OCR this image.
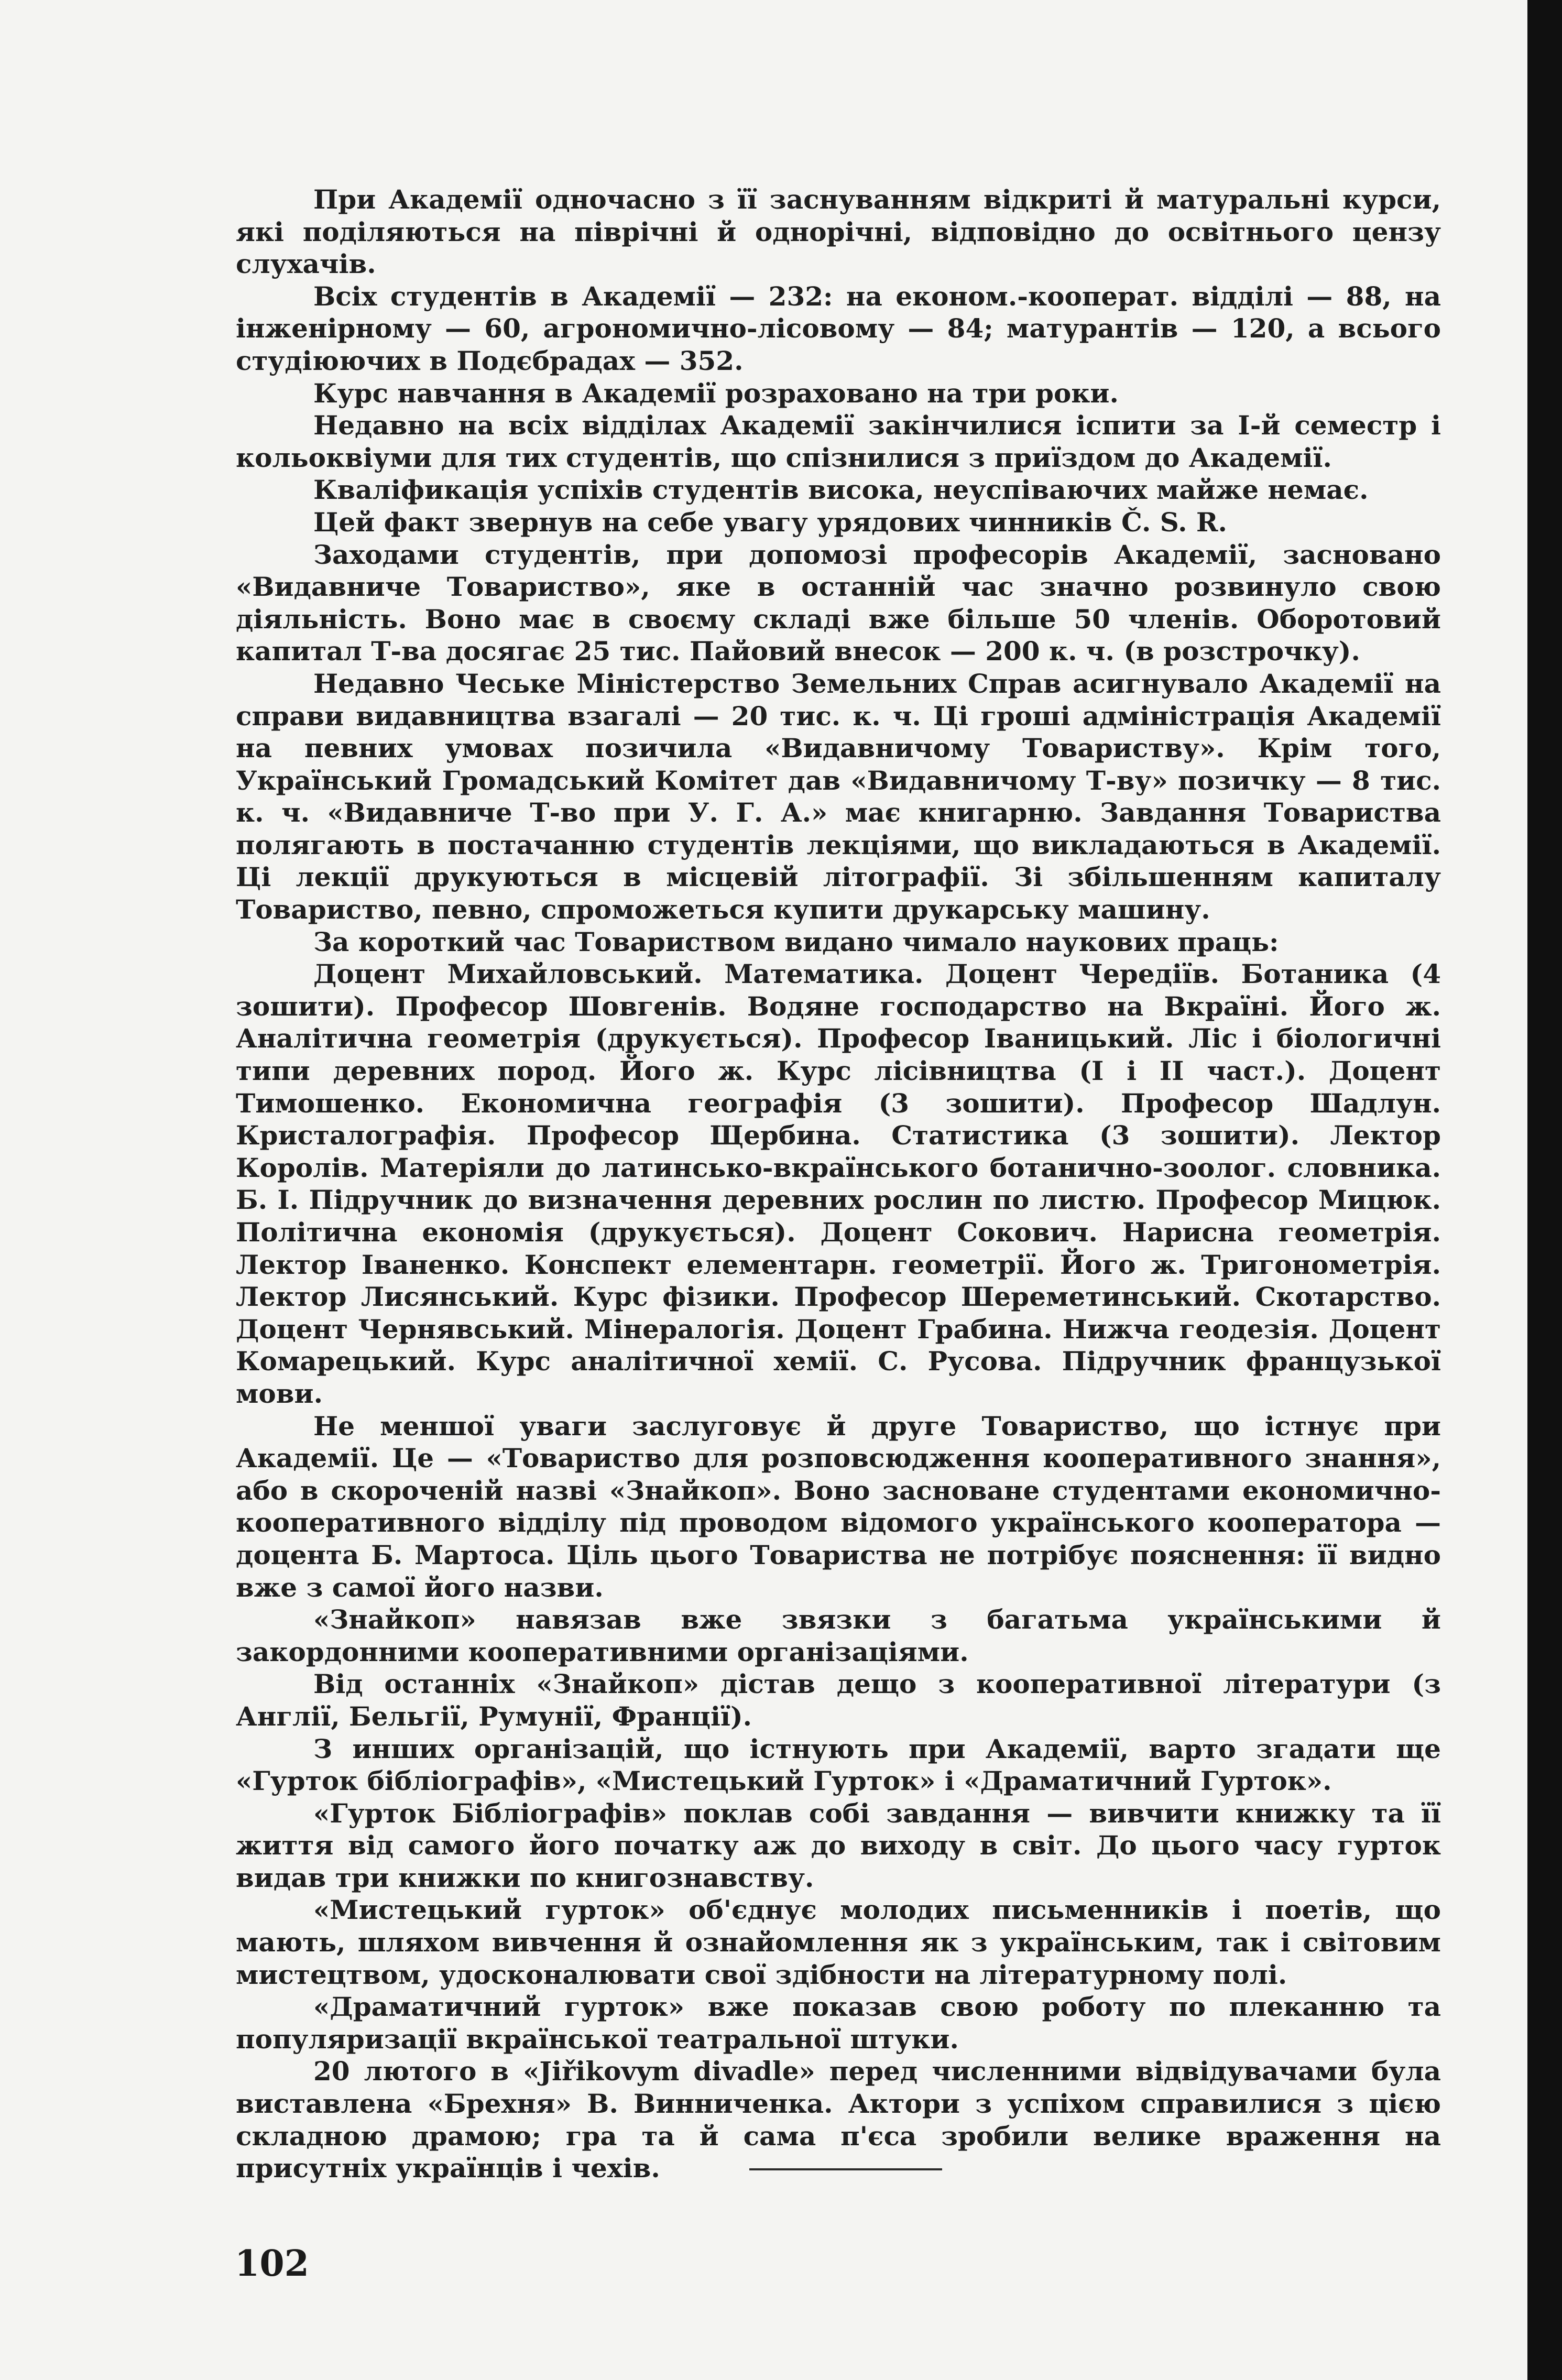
При Академії одночасно з її заснуванням відкриті й матуральні курси, які поділяються на піврічні й однорічні, відповідно до освітнього цензу слухачів.

Всіх студентів в Академії — 232: на економ.-кооперат. відділі — 88, на інженірному — 60, агрономично-лісовому — 84; матурантів — 120, а всього студіюючих в Подєбрадах — 352.

Курс навчання в Академії розраховано на три роки.

Недавно на всіх відділах Академії закінчилися іспити за I-й семестр і кольоквіуми для тих студентів, що спізнилися з приїздом до Академії.

Кваліфикація успіхів студентів висока, неуспіваючих майже немає.

Цей факт звернув на себе увагу урядових чинників Č. S. R.

Заходами студентів, при допомозі професорів Академії, засновано «Видавниче Товариство», яке в останній час значно розвинуло свою діяльність. Воно має в своєму складі вже більше 50 членів. Оборотовий капитал Т-ва досягає 25 тис. Пайовий внесок — 200 к. ч. (в розстрочку).

Недавно Чеське Міністерство Земельних Справ асигнувало Академії на справи видавництва взагалі — 20 тис. к. ч. Ці гроші адміністрація Академії на певних умовах позичила «Видавничому Товариству». Крім того, Український Громадський Комітет дав «Видавничому Т-ву» позичку — 8 тис. к. ч. «Видавниче Т-во при У. Г. А.» має книгарню. Завдання Товариства полягають в постачанню студентів лекціями, що викладаються в Академії. Ці лекції друкуються в місцевій літографії. Зі збільшенням капиталу Товариство, певно, спроможеться купити друкарську машину.

За короткий час Товариством видано чимало наукових праць:

Доцент Михайловський. Математика. Доцент Чередіїв. Ботаника (4 зошити). Професор Шовгенів. Водяне господарство на Вкраїні. Його ж. Аналітична геометрія (друкується). Професор Іваницький. Ліс і біологичні типи деревних пород. Його ж. Курс лісівництва (I і II част.). Доцент Тимошенко. Економична географія (3 зошити). Професор Шадлун. Кристалографія. Професор Щербина. Статистика (3 зошити). Лектор Королів. Матеріяли до латинсько-вкраїнського ботанично-зоолог. словника. Б. І. Підручник до визначення деревних рослин по листю. Професор Мицюк. Політична економія (друкується). Доцент Сокович. Нарисна геометрія. Лектор Іваненко. Конспект елементарн. геометрії. Його ж. Тригонометрія. Лектор Лисянський. Курс фізики. Професор Шереметинський. Скотарство. Доцент Чернявський. Мінералогія. Доцент Грабина. Нижча геодезія. Доцент Комарецький. Курс аналітичної хемії. С. Русова. Підручник французької мови.

Не меншої уваги заслуговує й друге Товариство, що істнує при Академії. Це — «Товариство для розповсюдження кооперативного знання», або в скороченій назві «Знайкоп». Воно засноване студентами економично-кооперативного відділу під проводом відомого українського кооператора — доцента Б. Мартоса. Ціль цього Товариства не потрібує пояснення: її видно вже з самої його назви.

«Знайкоп» навязав вже звязки з багатьма українськими й закордонними кооперативними організаціями.

Від останніх «Знайкоп» дістав дещо з кооперативної літератури (з Англії, Бельгії, Румунії, Франції).

З инших організацій, що істнують при Академії, варто згадати ще «Гурток бібліографів», «Мистецький Гурток» і «Драматичний Гурток».

«Гурток Бібліографів» поклав собі завдання — вивчити книжку та її життя від самого його початку аж до виходу в світ. До цього часу гурток видав три книжки по книгознавству.

«Мистецький гурток» об'єднує молодих письменників і поетів, що мають, шляхом вивчення й ознайомлення як з українським, так і світовим мистецтвом, удосконалювати свої здібности на літературному полі.

«Драматичний гурток» вже показав свою роботу по плеканню та популяризації вкраїнської театральної штуки.

20 лютого в «Jiřikovym divadle» перед численними відвідувачами була виставлена «Брехня» В. Винниченка. Актори з успіхом справилися з цією складною драмою; гра та й сама п'єса зробили велике враження на присутніх українців і чехів.

102
